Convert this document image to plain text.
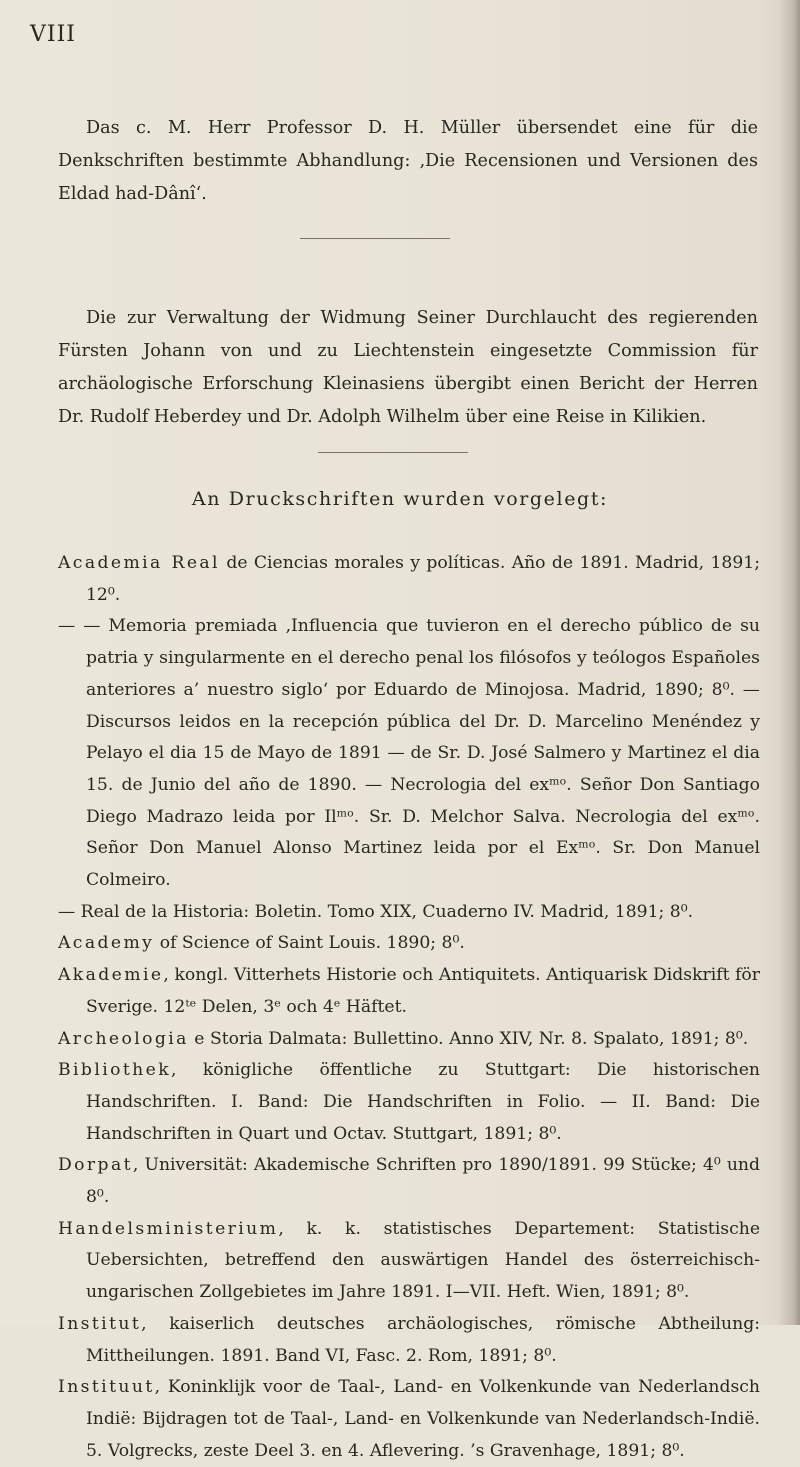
VIII
Das c. M. Herr Professor D. H. Müller übersendet eine für die Denkschriften bestimmte Abhandlung: ‚Die Recensionen und Versionen des Eldad had-Dânî‘.
Die zur Verwaltung der Widmung Seiner Durchlaucht des regierenden Fürsten Johann von und zu Liechtenstein eingesetzte Commission für archäologische Erforschung Kleinasiens übergibt einen Bericht der Herren Dr. Rudolf Heberdey und Dr. Adolph Wilhelm über eine Reise in Kilikien.
An Druckschriften wurden vorgelegt:
Academia Real de Ciencias morales y políticas. Año de 1891. Madrid, 1891; 12⁰.
— — Memoria premiada ‚Influencia que tuvieron en el derecho público de su patria y singularmente en el derecho penal los filósofos y teólogos Españoles anteriores a’ nuestro siglo‘ por Eduardo de Minojosa. Madrid, 1890; 8⁰. — Discursos leidos en la recepción pública del Dr. D. Marcelino Menéndez y Pelayo el dia 15 de Mayo de 1891 — de Sr. D. José Salmero y Martinez el dia 15. de Junio del año de 1890. — Necrologia del exᵐᵒ. Señor Don Santiago Diego Madrazo leida por Ilᵐᵒ. Sr. D. Melchor Salva. Necrologia del exᵐᵒ. Señor Don Manuel Alonso Martinez leida por el Exᵐᵒ. Sr. Don Manuel Colmeiro.
— Real de la Historia: Boletin. Tomo XIX, Cuaderno IV. Madrid, 1891; 8⁰.
Academy of Science of Saint Louis. 1890; 8⁰.
Akademie, kongl. Vitterhets Historie och Antiquitets. Antiquarisk Didskrift för Sverige. 12ᵗᵉ Delen, 3ᵉ och 4ᵉ Häftet.
Archeologia e Storia Dalmata: Bullettino. Anno XIV, Nr. 8. Spalato, 1891; 8⁰.
Bibliothek, königliche öffentliche zu Stuttgart: Die historischen Handschriften. I. Band: Die Handschriften in Folio. — II. Band: Die Handschriften in Quart und Octav. Stuttgart, 1891; 8⁰.
Dorpat, Universität: Akademische Schriften pro 1890/1891. 99 Stücke; 4⁰ und 8⁰.
Handelsministerium, k. k. statistisches Departement: Statistische Uebersichten, betreffend den auswärtigen Handel des österreichisch-ungarischen Zollgebietes im Jahre 1891. I—VII. Heft. Wien, 1891; 8⁰.
Institut, kaiserlich deutsches archäologisches, römische Abtheilung: Mittheilungen. 1891. Band VI, Fasc. 2. Rom, 1891; 8⁰.
Instituut, Koninklijk voor de Taal-, Land- en Volkenkunde van Nederlandsch Indië: Bijdragen tot de Taal-, Land- en Volkenkunde van Nederlandsch-Indië. 5. Volgrecks, zeste Deel 3. en 4. Aflevering. ’s Gravenhage, 1891; 8⁰.
